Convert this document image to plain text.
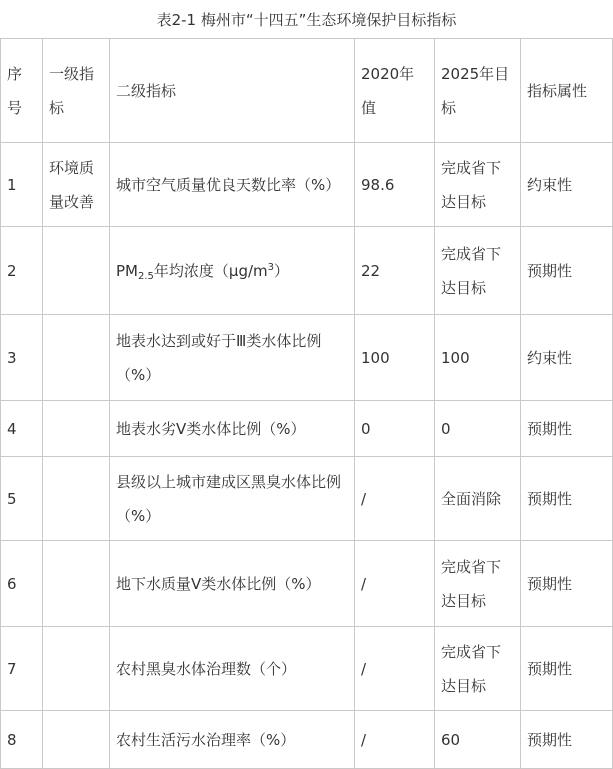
表2-1 梅州市“十四五”生态环境保护目标指标
序号	一级指标	二级指标	2020年值	2025年目标	指标属性
1	环境质量改善	城市空气质量优良天数比率（%）	98.6	完成省下达目标	约束性
2		$PM_{2.5}$年均浓度$(\mu g/m^3)$	22	完成省下达目标	预期性
3		地表水达到或好于Ⅲ类水体比例（%）	100	100	约束性
4		地表水劣Ⅴ类水体比例（%）	0	0	预期性
5		县级以上城市建成区黑臭水体比例（%）	/	全面消除	预期性
6		地下水质量Ⅴ类水体比例（%）	/	完成省下达目标	预期性
7		农村黑臭水体治理数（个）	/	完成省下达目标	预期性
8		农村生活污水治理率（%）	/	60	预期性
